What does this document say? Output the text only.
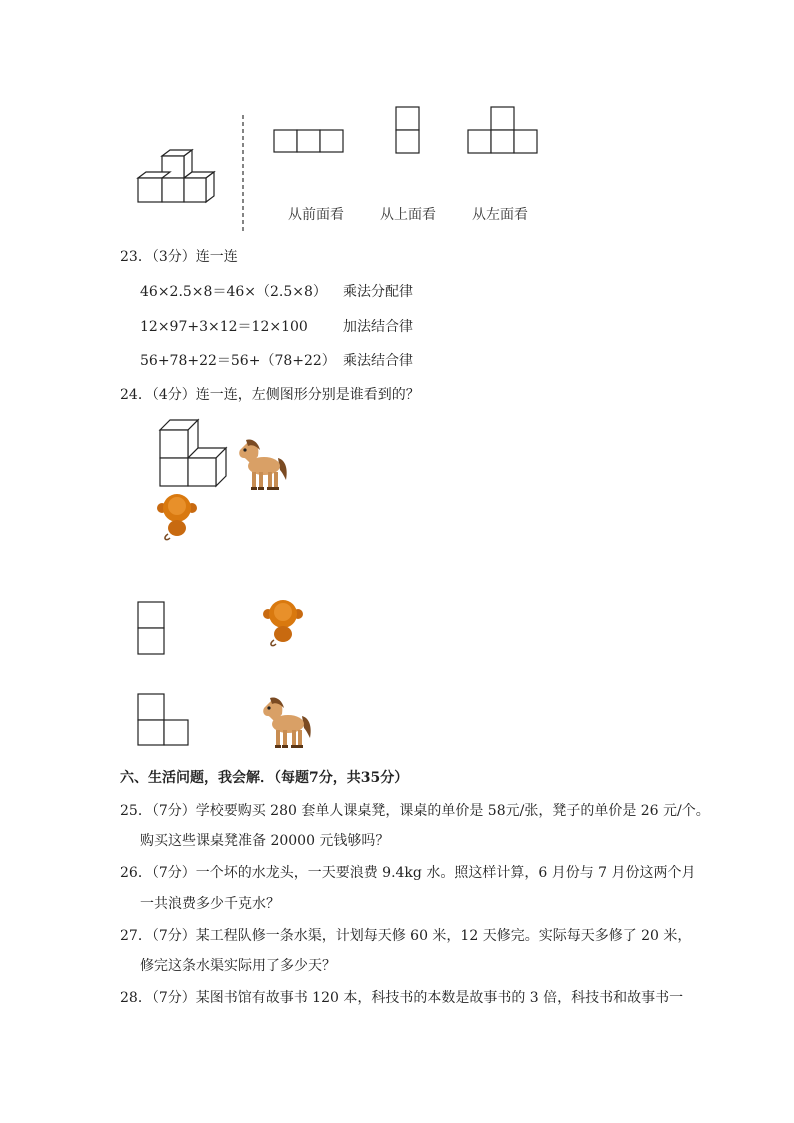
从前面看	从上面看	从左面看
23．（3分）连一连
46×2.5×8＝46×（2.5×8）
12×97+3×12＝12×100
56+78+22＝56+（78+22）
乘法分配律
加法结合律
乘法结合律
24．（4分）连一连，左侧图形分别是谁看到的？
六、生活问题，我会解．（每题7分，共35分）
25．（7分）学校要购买 280 套单人课桌凳，课桌的单价是 58元/张，凳子的单价是 26 元/个。
购买这些课桌凳准备 20000 元钱够吗？
26．（7分）一个坏的水龙头，一天要浪费 9.4kg 水。照这样计算，6 月份与 7 月份这两个月
一共浪费多少千克水？
27．（7分）某工程队修一条水渠，计划每天修 60 米，12 天修完。实际每天多修了 20 米，
修完这条水渠实际用了多少天？
28．（7分）某图书馆有故事书 120 本，科技书的本数是故事书的 3 倍，科技书和故事书一
